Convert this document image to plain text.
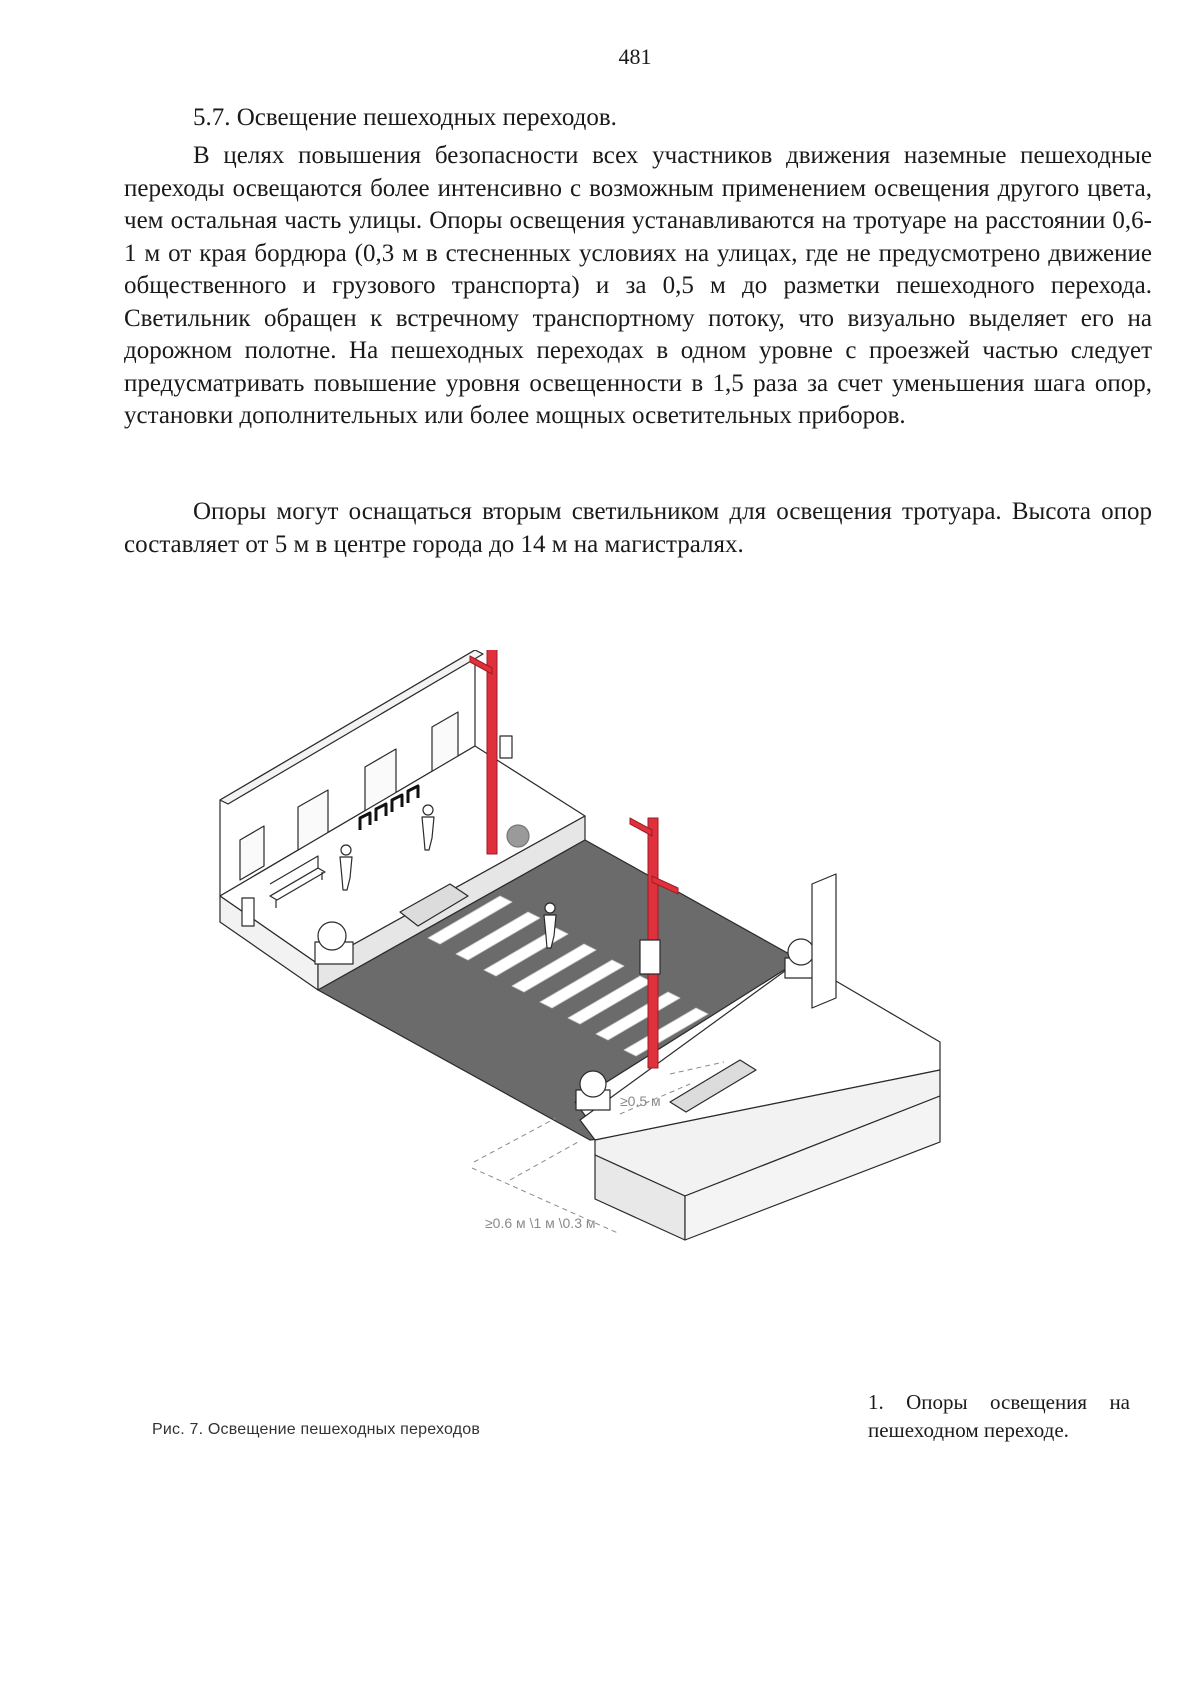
481
5.7. Освещение пешеходных переходов.

В целях повышения безопасности всех участников движения наземные пешеходные переходы освещаются более интенсивно с возможным применением освещения другого цвета, чем остальная часть улицы. Опоры освещения устанавливаются на тротуаре на расстоянии 0,6-1 м от края бордюра (0,3 м в стесненных условиях на улицах, где не предусмотрено движение общественного и грузового транспорта) и за 0,5 м до разметки пешеходного перехода. Светильник обращен к встречному транспортному потоку, что визуально выделяет его на дорожном полотне. На пешеходных переходах в одном уровне с проезжей частью следует предусматривать повышение уровня освещенности в 1,5 раза за счет уменьшения шага опор, установки дополнительных или более мощных осветительных приборов.

Опоры могут оснащаться вторым светильником для освещения тротуара. Высота опор составляет от 5 м в центре города до 14 м на магистралях.

≥0.5 м
≥0.6 м \1 м \0.3 м
Рис. 7. Освещение пешеходных переходов

1. Опоры освещения на пешеходном переходе.
